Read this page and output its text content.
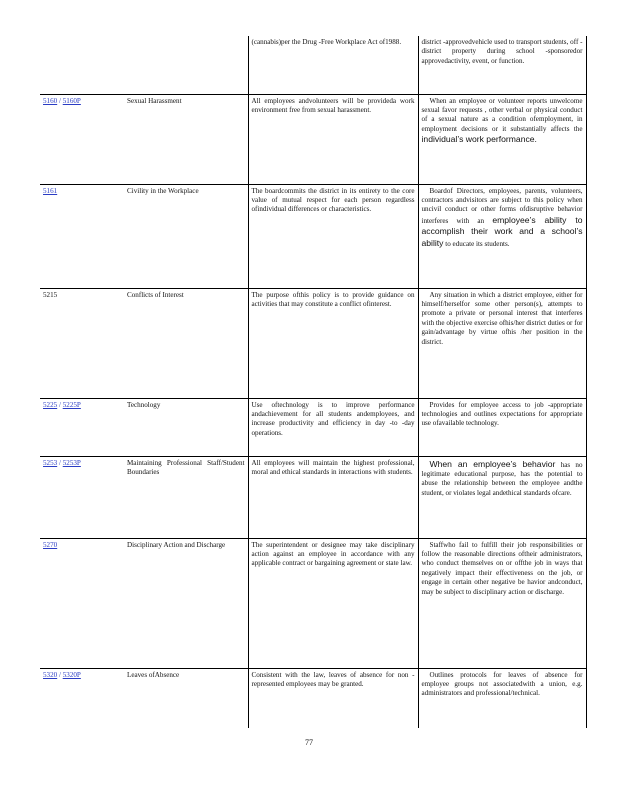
		(cannabis)per the Drug -Free Workplace Act of1988.	district -approvedvehicle used to transport students, off -district property during school -sponsoredor approvedactivity, event, or function.
5160 / 5160P	Sexual Harassment	All employees andvolunteers will be provideda work environment free from sexual harassment.	When an employee or volunteer reports unwelcome sexual favor requests , other verbal or physical conduct of a sexual nature as a condition ofemployment, in employment decisions or it substantially affects the individual’s work performance.
5161	Civility in the Workplace	The boardcommits the district in its entirety to the core value of mutual respect for each person regardless ofindividual differences or characteristics.	Boardof Directors, employees, parents, volunteers, contractors andvisitors are subject to this policy when uncivil conduct or other forms ofdisruptive behavior interferes with an employee’s ability to accomplish their work and a school’s ability to educate its students.
5215	Conflicts of Interest	The purpose ofthis policy is to provide guidance on activities that may constitute a conflict ofinterest.	Any situation in which a district employee, either for himself/herselfor some other person(s), attempts to promote a private or personal interest that interferes with the objective exercise ofhis/her district duties or for gain/advantage by virtue ofhis /her position in the district.
5225 / 5225P	Technology	Use oftechnology is to improve performance andachievement for all students andemployees, and increase productivity and efficiency in day -to -day operations.	Provides for employee access to job -appropriate technologies and outlines expectations for appropriate use ofavailable technology.
5253 / 5253P	Maintaining Professional Staff/Student Boundaries	All employees will maintain the highest professional, moral and ethical standards in interactions with students.	When an employee’s behavior has no legitimate educational purpose, has the potential to abuse the relationship between the employee andthe student, or violates legal andethical standards ofcare.
5270	Disciplinary Action and Discharge	The superintendent or designee may take disciplinary action against an employee in accordance with any applicable contract or bargaining agreement or state law.	Staffwho fail to fulfill their job responsibilities or follow the reasonable directions oftheir administrators, who conduct themselves on or offthe job in ways that negatively impact their effectiveness on the job, or engage in certain other negative be havior andconduct, may be subject to disciplinary action or discharge.
5320 / 5320P	Leaves ofAbsence	Consistent with the law, leaves of absence for non -represented employees may be granted.	Outlines protocols for leaves of absence for employee groups not associatedwith a union, e.g. administrators and professional/technical.
77
